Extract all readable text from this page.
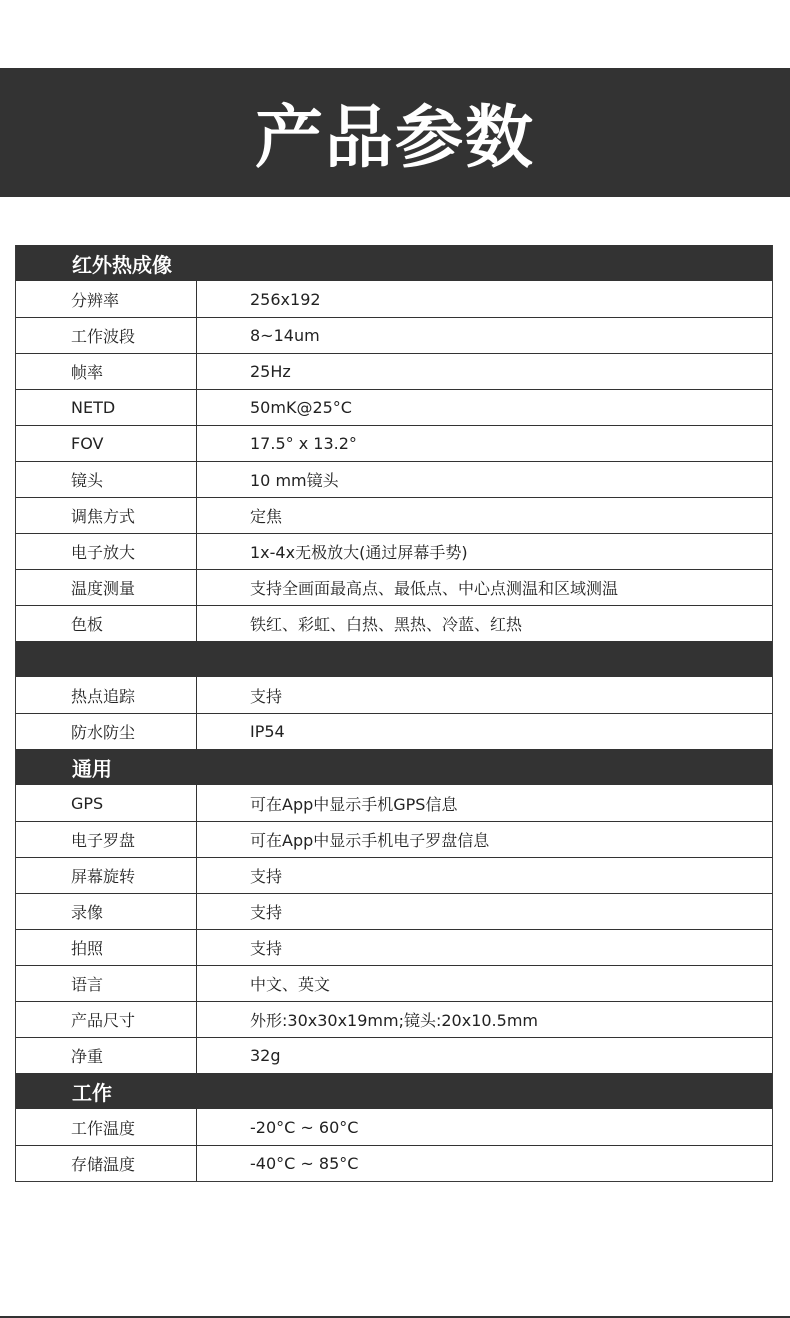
产品参数
红外热成像
分辨率	256x192
工作波段	8~14um
帧率	25Hz
NETD	50mK@25°C
FOV	17.5° x 13.2°
镜头	10 mm镜头
调焦方式	定焦
电子放大	1x-4x无极放大(通过屏幕手势)
温度测量	支持全画面最高点、最低点、中心点测温和区域测温
色板	铁红、彩虹、白热、黑热、冷蓝、红热
热点追踪	支持
防水防尘	IP54
通用
GPS	可在App中显示手机GPS信息
电子罗盘	可在App中显示手机电子罗盘信息
屏幕旋转	支持
录像	支持
拍照	支持
语言	中文、英文
产品尺寸	外形:30x30x19mm;镜头:20x10.5mm
净重	32g
工作
工作温度	-20°C ~ 60°C
存储温度	-40°C ~ 85°C
